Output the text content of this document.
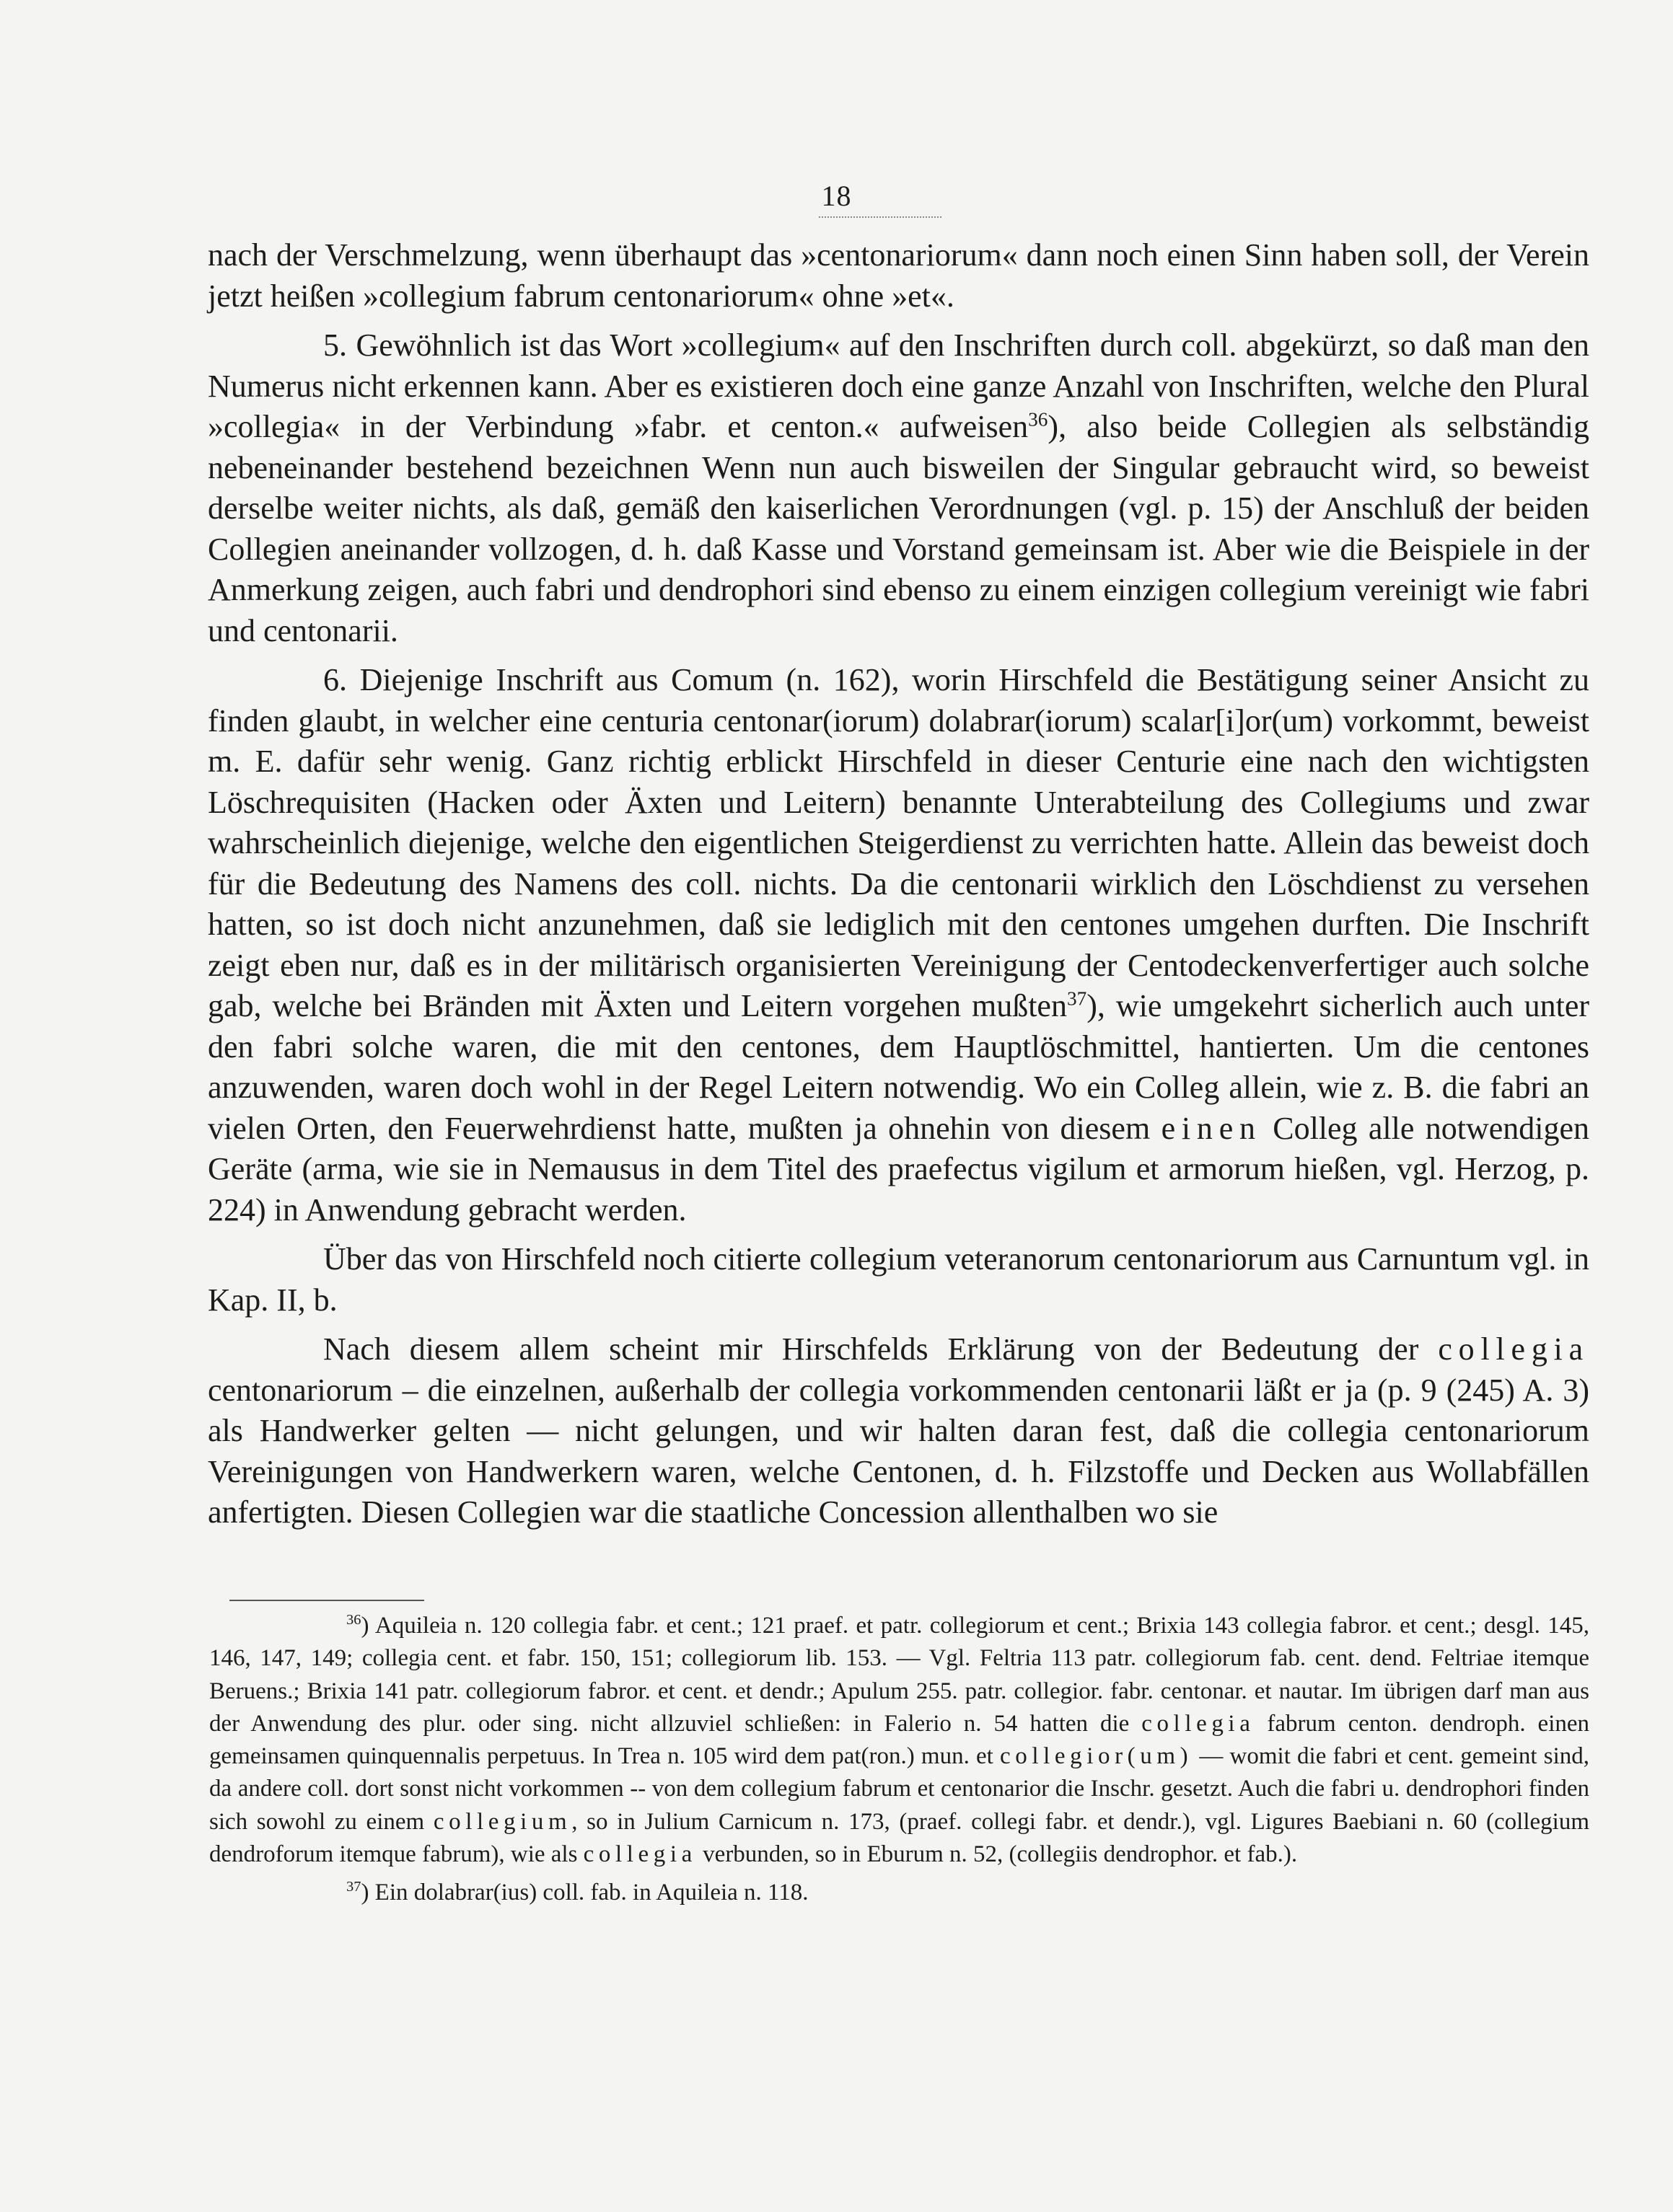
18

nach der Verschmelzung, wenn überhaupt das »centonariorum« dann noch einen Sinn haben soll, der Verein jetzt heißen »collegium fabrum centonariorum« ohne »et«.

5. Gewöhnlich ist das Wort »collegium« auf den Inschriften durch coll. abgekürzt, so daß man den Numerus nicht erkennen kann. Aber es existieren doch eine ganze Anzahl von Inschriften, welche den Plural »collegia« in der Verbindung »fabr. et centon.« aufweisen$^{36}$), also beide Collegien als selbständig nebeneinander bestehend bezeichnen Wenn nun auch bisweilen der Singular gebraucht wird, so beweist derselbe weiter nichts, als daß, gemäß den kaiserlichen Verordnungen (vgl. p. 15) der Anschluß der beiden Collegien aneinander vollzogen, d. h. daß Kasse und Vorstand gemeinsam ist. Aber wie die Beispiele in der Anmerkung zeigen, auch fabri und dendrophori sind ebenso zu einem einzigen collegium vereinigt wie fabri und centonarii.

6. Diejenige Inschrift aus Comum (n. 162), worin Hirschfeld die Bestätigung seiner Ansicht zu finden glaubt, in welcher eine centuria centonar(iorum) dolabrar(iorum) scalar[i]or(um) vorkommt, beweist m. E. dafür sehr wenig. Ganz richtig erblickt Hirschfeld in dieser Centurie eine nach den wichtigsten Löschrequisiten (Hacken oder Äxten und Leitern) benannte Unterabteilung des Collegiums und zwar wahrscheinlich diejenige, welche den eigentlichen Steigerdienst zu verrichten hatte. Allein das beweist doch für die Bedeutung des Namens des coll. nichts. Da die centonarii wirklich den Löschdienst zu versehen hatten, so ist doch nicht anzunehmen, daß sie lediglich mit den centones umgehen durften. Die Inschrift zeigt eben nur, daß es in der militärisch organisierten Vereinigung der Centodeckenverfertiger auch solche gab, welche bei Bränden mit Äxten und Leitern vorgehen mußten$^{37}$), wie umgekehrt sicherlich auch unter den fabri solche waren, die mit den centones, dem Hauptlöschmittel, hantierten. Um die centones anzuwenden, waren doch wohl in der Regel Leitern notwendig. Wo ein Colleg allein, wie z. B. die fabri an vielen Orten, den Feuerwehrdienst hatte, mußten ja ohnehin von diesem einen Colleg alle notwendigen Geräte (arma, wie sie in Nemausus in dem Titel des praefectus vigilum et armorum hießen, vgl. Herzog, p. 224) in Anwendung gebracht werden.

Über das von Hirschfeld noch citierte collegium veteranorum centonariorum aus Carnuntum vgl. in Kap. II, b.

Nach diesem allem scheint mir Hirschfelds Erklärung von der Bedeutung der collegia centonariorum – die einzelnen, außerhalb der collegia vorkommenden centonarii läßt er ja (p. 9 (245) A. 3) als Handwerker gelten — nicht gelungen, und wir halten daran fest, daß die collegia centonariorum Vereinigungen von Handwerkern waren, welche Centonen, d. h. Filzstoffe und Decken aus Wollabfällen anfertigten. Diesen Collegien war die staatliche Concession allenthalben wo sie

$^{36}$) Aquileia n. 120 collegia fabr. et cent.; 121 praef. et patr. collegiorum et cent.; Brixia 143 collegia fabror. et cent.; desgl. 145, 146, 147, 149; collegia cent. et fabr. 150, 151; collegiorum lib. 153. — Vgl. Feltria 113 patr. collegiorum fab. cent. dend. Feltriae itemque Beruens.; Brixia 141 patr. collegiorum fabror. et cent. et dendr.; Apulum 255. patr. collegior. fabr. centonar. et nautar. Im übrigen darf man aus der Anwendung des plur. oder sing. nicht allzuviel schließen: in Falerio n. 54 hatten die collegia fabrum centon. dendroph. einen gemeinsamen quinquennalis perpetuus. In Trea n. 105 wird dem pat(ron.) mun. et collegior(um) — womit die fabri et cent. gemeint sind, da andere coll. dort sonst nicht vorkommen -- von dem collegium fabrum et centonarior die Inschr. gesetzt. Auch die fabri u. dendrophori finden sich sowohl zu einem collegium, so in Julium Carnicum n. 173, (praef. collegi fabr. et dendr.), vgl. Ligures Baebiani n. 60 (collegium dendroforum itemque fabrum), wie als collegia verbunden, so in Eburum n. 52, (collegiis dendrophor. et fab.).

$^{37}$) Ein dolabrar(ius) coll. fab. in Aquileia n. 118.
